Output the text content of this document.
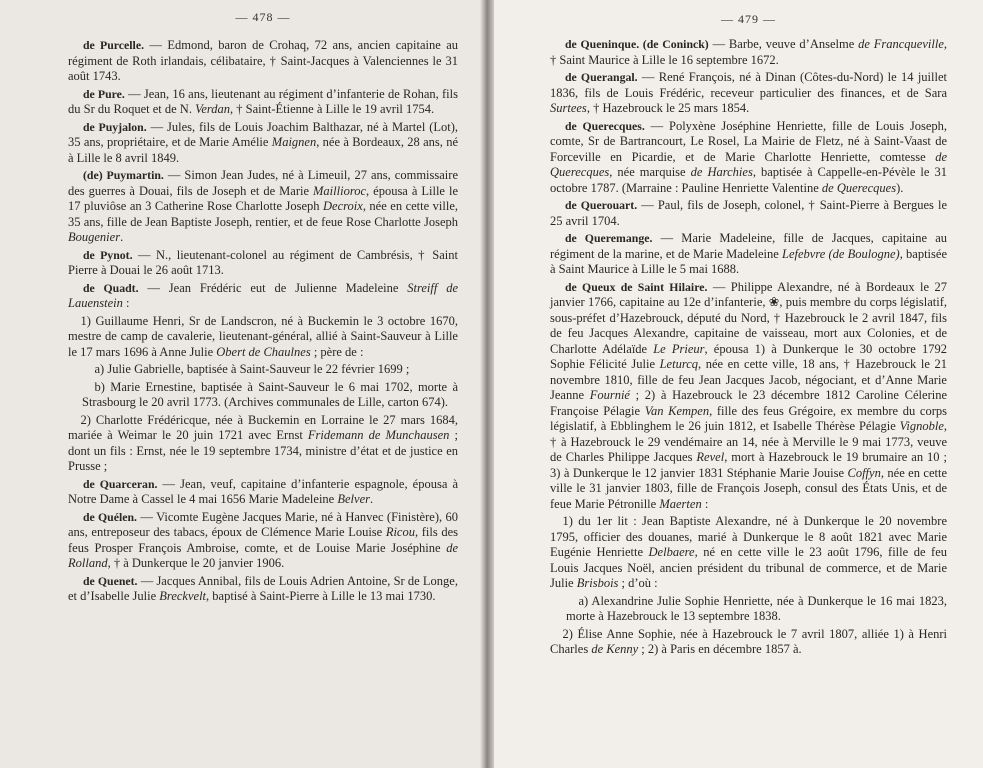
— 478 —

de Purcelle. — Edmond, baron de Crohaq, 72 ans, ancien capitaine au régiment de Roth irlandais, célibataire, † Saint-Jacques à Valenciennes le 31 août 1743.

de Pure. — Jean, 16 ans, lieutenant au régiment d’infanterie de Rohan, fils du Sr du Roquet et de N. Verdan, † Saint-Étienne à Lille le 19 avril 1754.

de Puyjalon. — Jules, fils de Louis Joachim Balthazar, né à Martel (Lot), 35 ans, propriétaire, et de Marie Amélie Maignen, née à Bordeaux, 28 ans, né à Lille le 8 avril 1849.

(de) Puymartin. — Simon Jean Judes, né à Limeuil, 27 ans, commissaire des guerres à Douai, fils de Joseph et de Marie Maillioroc, épousa à Lille le 17 pluviôse an 3 Catherine Rose Charlotte Joseph Decroix, née en cette ville, 35 ans, fille de Jean Baptiste Joseph, rentier, et de feue Rose Charlotte Joseph Bougenier.

de Pynot. — N., lieutenant-colonel au régiment de Cambrésis, † Saint Pierre à Douai le 26 août 1713.

de Quadt. — Jean Frédéric eut de Julienne Madeleine Streiff de Lauenstein :

1) Guillaume Henri, Sr de Landscron, né à Buckemin le 3 octobre 1670, mestre de camp de cavalerie, lieutenant-général, allié à Saint-Sauveur à Lille le 17 mars 1696 à Anne Julie Obert de Chaulnes ; père de :

a) Julie Gabrielle, baptisée à Saint-Sauveur le 22 février 1699 ;

b) Marie Ernestine, baptisée à Saint-Sauveur le 6 mai 1702, morte à Strasbourg le 20 avril 1773. (Archives communales de Lille, carton 674).

2) Charlotte Frédéricque, née à Buckemin en Lorraine le 27 mars 1684, mariée à Weimar le 20 juin 1721 avec Ernst Fridemann de Munchausen ; dont un fils : Ernst, née le 19 septembre 1734, ministre d’état et de justice en Prusse ;

de Quarceran. — Jean, veuf, capitaine d’infanterie espagnole, épousa à Notre Dame à Cassel le 4 mai 1656 Marie Madeleine Belver.

de Quélen. — Vicomte Eugène Jacques Marie, né à Hanvec (Finistère), 60 ans, entreposeur des tabacs, époux de Clémence Marie Louise Ricou, fils des feus Prosper François Ambroise, comte, et de Louise Marie Joséphine de Rolland, † à Dunkerque le 20 janvier 1906.

de Quenet. — Jacques Annibal, fils de Louis Adrien Antoine, Sr de Longe, et d’Isabelle Julie Breckvelt, baptisé à Saint-Pierre à Lille le 13 mai 1730.

— 479 —

de Queninque. (de Coninck) — Barbe, veuve d’Anselme de Francqueville, † Saint Maurice à Lille le 16 septembre 1672.

de Querangal. — René François, né à Dinan (Côtes-du-Nord) le 14 juillet 1836, fils de Louis Frédéric, receveur particulier des finances, et de Sara Surtees, † Hazebrouck le 25 mars 1854.

de Querecques. — Polyxène Joséphine Henriette, fille de Louis Joseph, comte, Sr de Bartrancourt, Le Rosel, La Mairie de Fletz, né à Saint-Vaast de Forceville en Picardie, et de Marie Charlotte Henriette, comtesse de Querecques, née marquise de Harchies, baptisée à Cappelle-en-Pévèle le 31 octobre 1787. (Marraine : Pauline Henriette Valentine de Querecques).

de Querouart. — Paul, fils de Joseph, colonel, † Saint-Pierre à Bergues le 25 avril 1704.

de Queremange. — Marie Madeleine, fille de Jacques, capitaine au régiment de la marine, et de Marie Madeleine Lefebvre (de Boulogne), baptisée à Saint Maurice à Lille le 5 mai 1688.

de Queux de Saint Hilaire. — Philippe Alexandre, né à Bordeaux le 27 janvier 1766, capitaine au 12e d’infanterie, ❀, puis membre du corps législatif, sous-préfet d’Hazebrouck, député du Nord, † Hazebrouck le 2 avril 1847, fils de feu Jacques Alexandre, capitaine de vaisseau, mort aux Colonies, et de Charlotte Adélaïde Le Prieur, épousa 1) à Dunkerque le 30 octobre 1792 Sophie Félicité Julie Leturcq, née en cette ville, 18 ans, † Hazebrouck le 21 novembre 1810, fille de feu Jean Jacques Jacob, négociant, et d’Anne Marie Jeanne Fournié ; 2) à Hazebrouck le 23 décembre 1812 Caroline Célerine Françoise Pélagie Van Kempen, fille des feus Grégoire, ex membre du corps législatif, à Ebblinghem le 26 juin 1812, et Isabelle Thérèse Pélagie Vignoble, † à Hazebrouck le 29 vendémaire an 14, née à Merville le 9 mai 1773, veuve de Charles Philippe Jacques Revel, mort à Hazebrouck le 19 brumaire an 10 ; 3) à Dunkerque le 12 janvier 1831 Stéphanie Marie Jouise Coffyn, née en cette ville le 31 janvier 1803, fille de François Joseph, consul des États Unis, et de feue Marie Pétronille Maerten :

1) du 1er lit : Jean Baptiste Alexandre, né à Dunkerque le 20 novembre 1795, officier des douanes, marié à Dunkerque le 8 août 1821 avec Marie Eugénie Henriette Delbaere, né en cette ville le 23 août 1796, fille de feu Louis Jacques Noël, ancien président du tribunal de commerce, et de Marie Julie Brisbois ; d’où :

a) Alexandrine Julie Sophie Henriette, née à Dunkerque le 16 mai 1823, morte à Hazebrouck le 13 septembre 1838.

2) Élise Anne Sophie, née à Hazebrouck le 7 avril 1807, alliée 1) à Henri Charles de Kenny ; 2) à Paris en décembre 1857 à.
